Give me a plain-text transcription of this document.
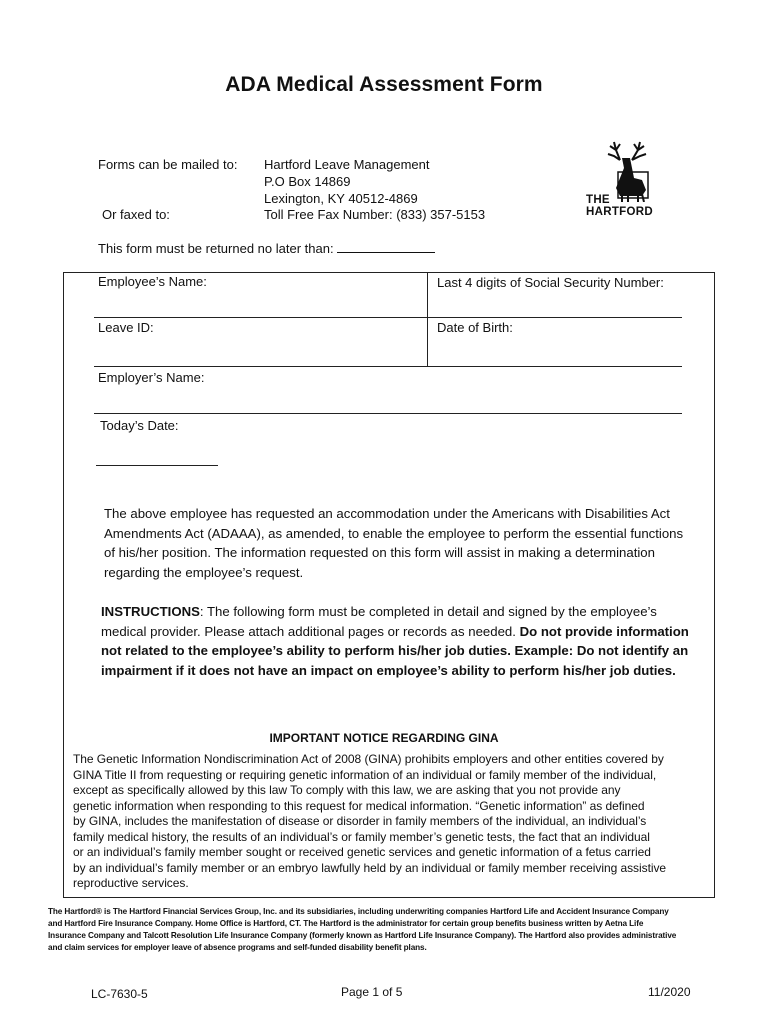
ADA Medical Assessment Form
Forms can be mailed to: Hartford Leave Management
P.O Box 14869
Lexington, KY 40512-4869
Or faxed to:	Toll Free Fax Number: (833) 357-5153
THE
HARTFORD
This form must be returned no later than:
Employee’s Name:	Last 4 digits of Social Security Number:
Leave ID:	Date of Birth:
Employer’s Name:
Today’s Date:
The above employee has requested an accommodation under the Americans with Disabilities Act Amendments Act (ADAAA), as amended, to enable the employee to perform the essential functions of his/her position. The information requested on this form will assist in making a determination regarding the employee’s request.
INSTRUCTIONS: The following form must be completed in detail and signed by the employee’s medical provider. Please attach additional pages or records as needed. Do not provide information not related to the employee’s ability to perform his/her job duties. Example: Do not identify an impairment if it does not have an impact on employee’s ability to perform his/her job duties.
IMPORTANT NOTICE REGARDING GINA
The Genetic Information Nondiscrimination Act of 2008 (GINA) prohibits employers and other entities covered by
GINA Title II from requesting or requiring genetic information of an individual or family member of the individual,
except as specifically allowed by this law To comply with this law, we are asking that you not provide any
genetic information when responding to this request for medical information. “Genetic information” as defined
by GINA, includes the manifestation of disease or disorder in family members of the individual, an individual’s
family medical history, the results of an individual’s or family member’s genetic tests, the fact that an individual
or an individual’s family member sought or received genetic services and genetic information of a fetus carried
by an individual’s family member or an embryo lawfully held by an individual or family member receiving assistive
reproductive services.
The Hartford® is The Hartford Financial Services Group, Inc. and its subsidiaries, including underwriting companies Hartford Life and Accident Insurance Company
and Hartford Fire Insurance Company. Home Office is Hartford, CT. The Hartford is the administrator for certain group benefits business written by Aetna Life
Insurance Company and Talcott Resolution Life Insurance Company (formerly known as Hartford Life Insurance Company). The Hartford also provides administrative
and claim services for employer leave of absence programs and self-funded disability benefit plans.
LC-7630-5	Page 1 of 5	11/2020
